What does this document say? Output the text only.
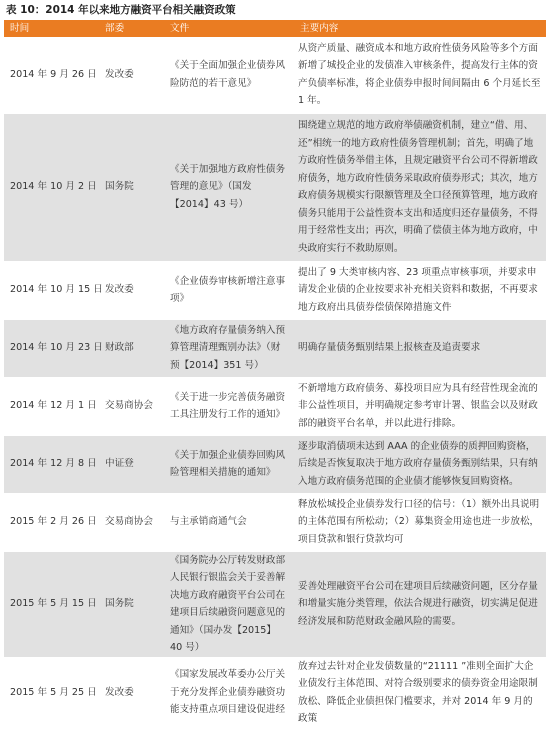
表 10：2014 年以来地方融资平台相关融资政策
时间	部委	文件	主要内容
2014 年 9 月 26 日	发改委	《关于全面加强企业债券风险防范的若干意见》	从资产质量、融资成本和地方政府性债务风险等多个方面新增了城投企业的发债准入审核条件，提高发行主体的资产负债率标准，将企业债券申报时间间隔由 6 个月延长至 1 年。
2014 年 10 月 2 日	国务院	《关于加强地方政府性债务管理的意见》（国发【2014】43 号）	围绕建立规范的地方政府举债融资机制，建立“借、用、还”相统一的地方政府性债务管理机制；首先，明确了地方政府性债务举借主体，且规定融资平台公司不得新增政府债务，地方政府性债务采取政府债券形式；其次，地方政府债务规模实行限额管理及全口径预算管理，地方政府债务只能用于公益性资本支出和适度归还存量债务，不得用于经常性支出；再次，明确了偿债主体为地方政府，中央政府实行不救助原则。
2014 年 10 月 15 日	发改委	《企业债券审核新增注意事项》	提出了 9 大类审核内容、23 项重点审核事项，并要求申请发企业债的企业按要求补充相关资料和数据，不再要求地方政府出具债券偿债保障措施文件
2014 年 10 月 23 日	财政部	《地方政府存量债务纳入预算管理清理甄别办法》（财预【2014】351 号）	明确存量债务甄别结果上报核查及追责要求
2014 年 12 月 1 日	交易商协会	《关于进一步完善债务融资工具注册发行工作的通知》	不新增地方政府债务、募投项目应为具有经营性现金流的非公益性项目，并明确规定参考审计署、银监会以及财政部的融资平台名单，并以此进行排除。
2014 年 12 月 8 日	中证登	《关于加强企业债券回购风险管理相关措施的通知》	逐步取消债项未达到 AAA 的企业债券的质押回购资格，后续是否恢复取决于地方政府存量债务甄别结果，只有纳入地方政府债务范围的企业债才能够恢复回购资格。
2015 年 2 月 26 日	交易商协会	与主承销商通气会	释放松城投企业债券发行口径的信号：（1）额外出具说明的主体范围有所松动；（2）募集资金用途也进一步放松，项目贷款和银行贷款均可
2015 年 5 月 15 日	国务院	《国务院办公厅转发财政部人民银行银监会关于妥善解决地方政府融资平台公司在建项目后续融资问题意见的通知》（国办发【2015】40 号）	妥善处理融资平台公司在建项目后续融资问题，区分存量和增量实施分类管理，依法合规进行融资，切实满足促进经济发展和防范财政金融风险的需要。
2015 年 5 月 25 日	发改委	《国家发展改革委办公厅关于充分发挥企业债券融资功能支持重点项目建设促进经	放弃过去针对企业发债数量的“21111 ”准则全面扩大企业债发行主体范围、对符合级别要求的债券资金用途限制放松、降低企业债担保门槛要求，并对 2014 年 9 月的政策
